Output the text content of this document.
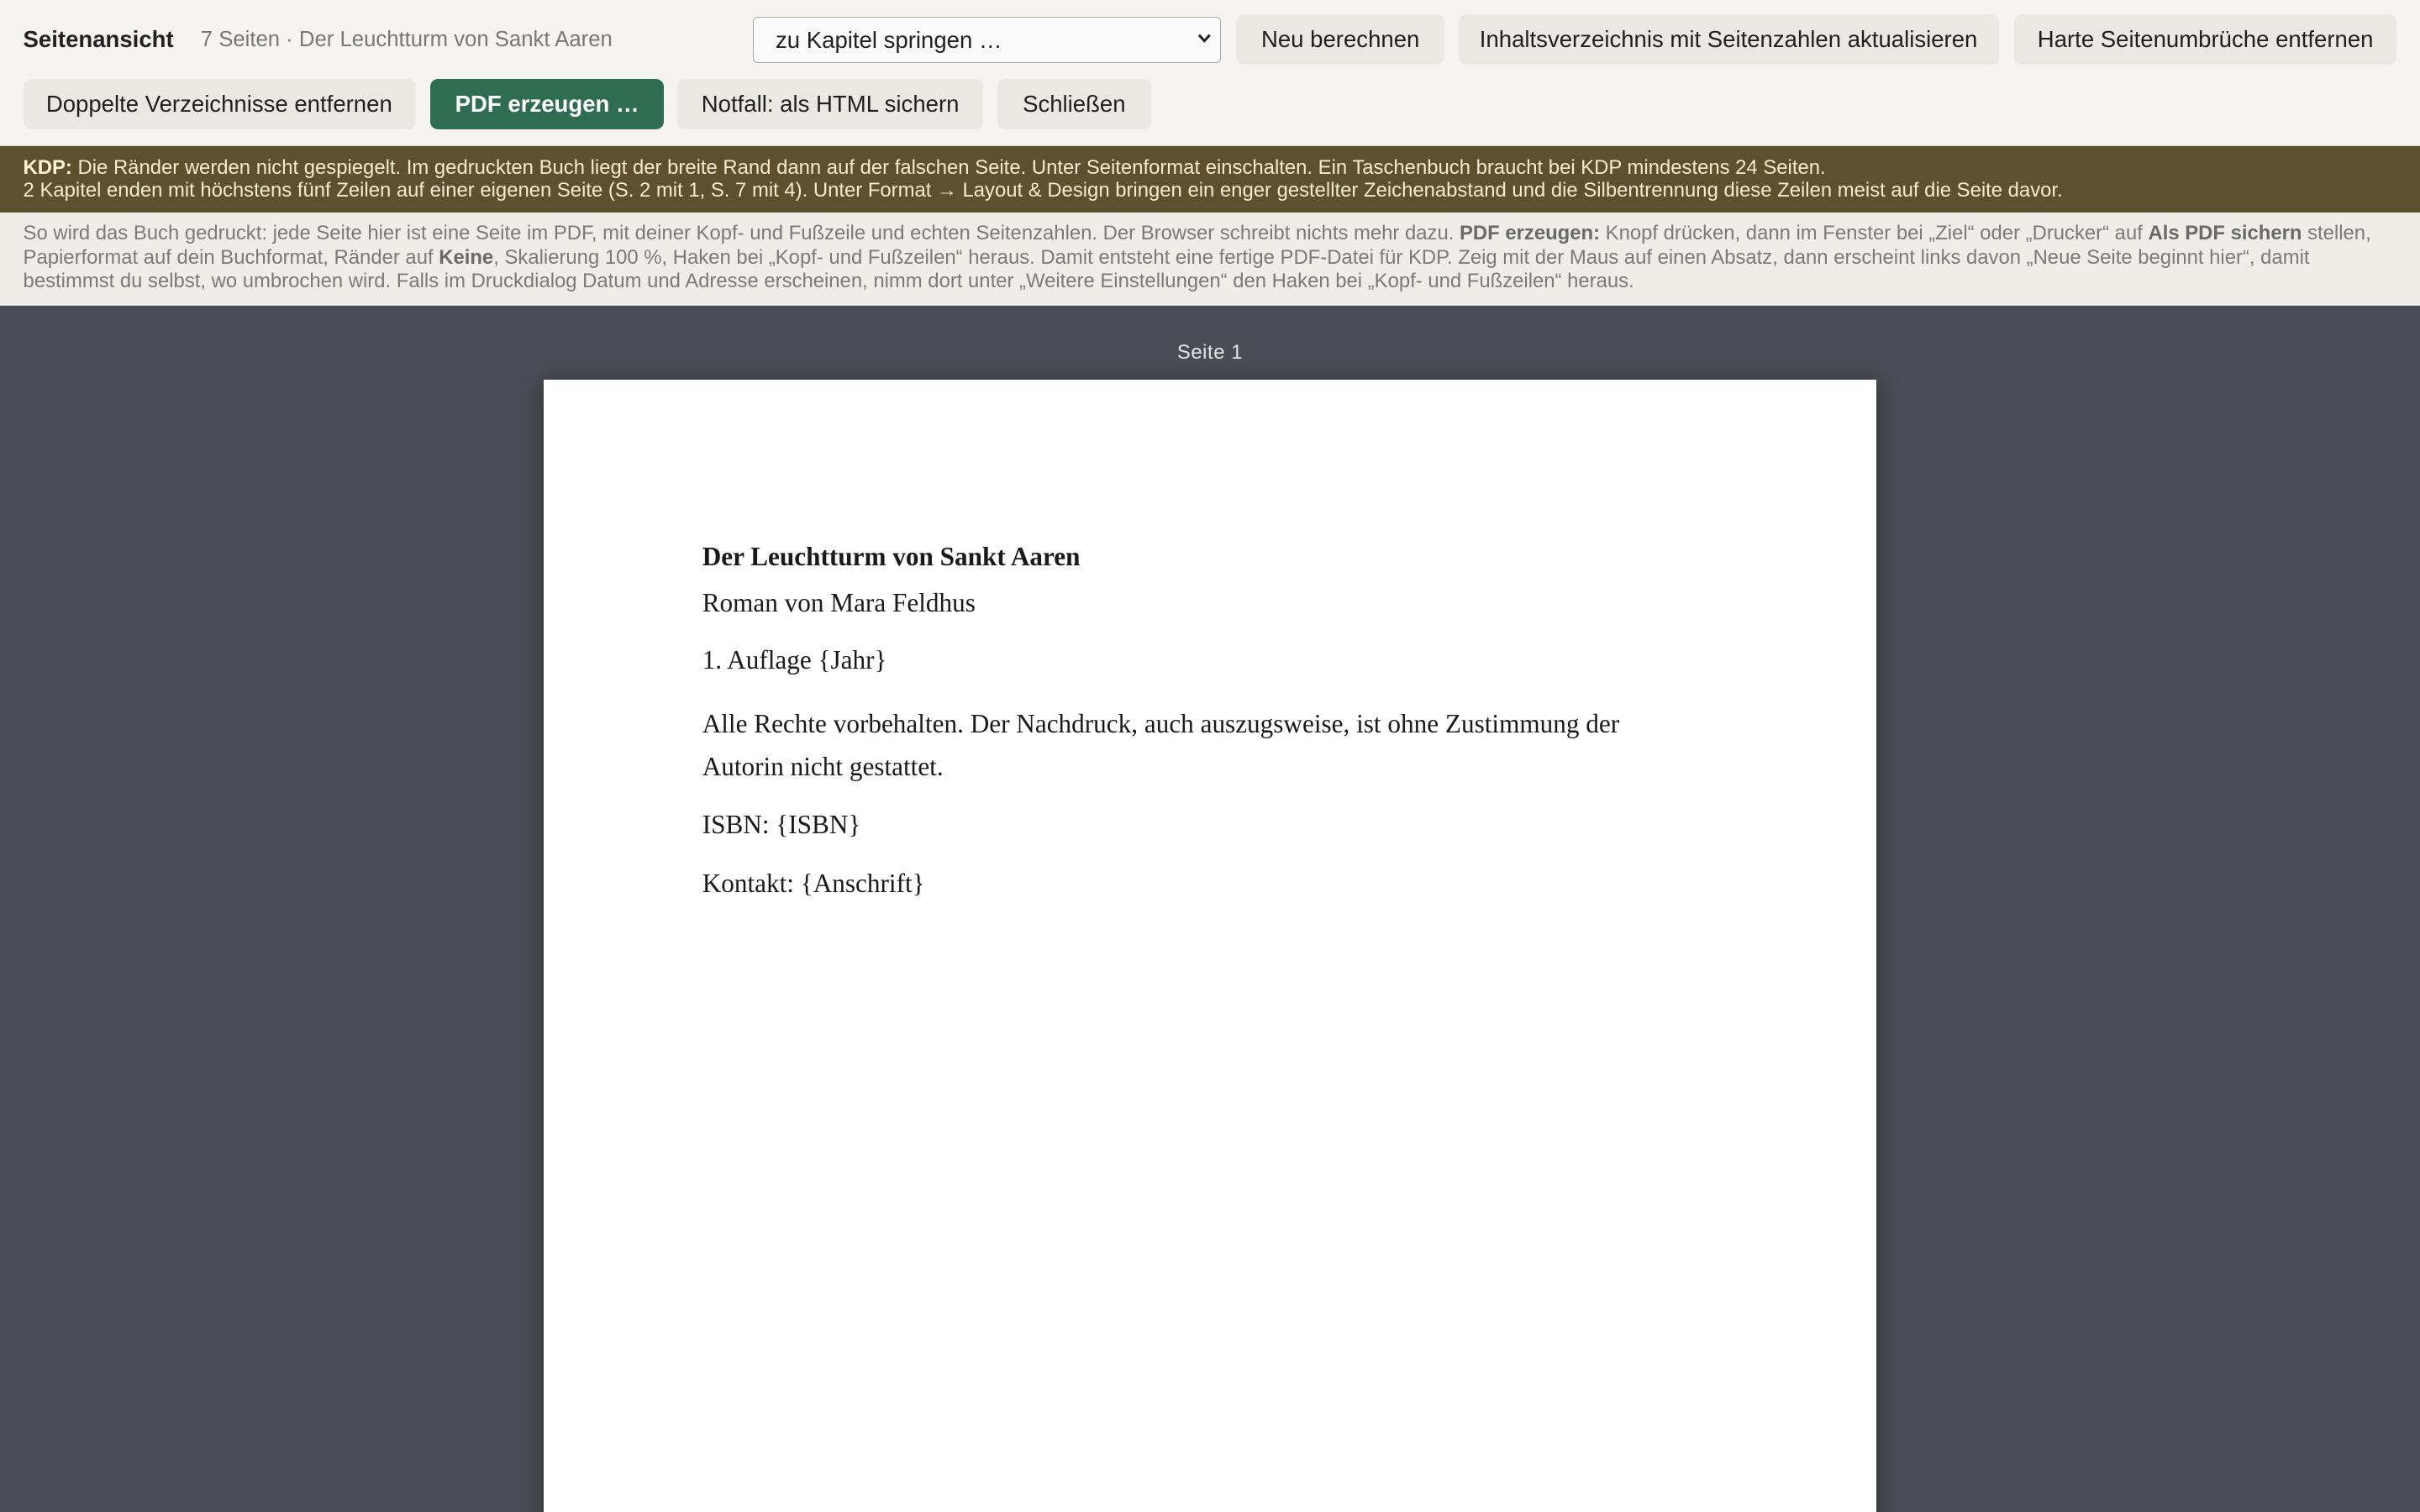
Seitenansicht 7 Seiten · Der Leuchtturm von Sankt Aaren	zu Kapitel springen …	Neu berechnen	Inhaltsverzeichnis mit Seitenzahlen aktualisieren	Harte Seitenumbrüche entfernen
Doppelte Verzeichnisse entfernen	PDF erzeugen …	Notfall: als HTML sichern	Schließen
KDP: Die Ränder werden nicht gespiegelt. Im gedruckten Buch liegt der breite Rand dann auf der falschen Seite. Unter Seitenformat einschalten. Ein Taschenbuch braucht bei KDP mindestens 24 Seiten.
2 Kapitel enden mit höchstens fünf Zeilen auf einer eigenen Seite (S. 2 mit 1, S. 7 mit 4). Unter Format → Layout & Design bringen ein enger gestellter Zeichenabstand und die Silbentrennung diese Zeilen meist auf die Seite davor.
So wird das Buch gedruckt: jede Seite hier ist eine Seite im PDF, mit deiner Kopf- und Fußzeile und echten Seitenzahlen. Der Browser schreibt nichts mehr dazu. PDF erzeugen: Knopf drücken, dann im Fenster bei „Ziel“ oder „Drucker“ auf Als PDF sichern stellen, Papierformat auf dein Buchformat, Ränder auf Keine, Skalierung 100 %, Haken bei „Kopf- und Fußzeilen“ heraus. Damit entsteht eine fertige PDF-Datei für KDP. Zeig mit der Maus auf einen Absatz, dann erscheint links davon „Neue Seite beginnt hier“, damit bestimmst du selbst, wo umbrochen wird. Falls im Druckdialog Datum und Adresse erscheinen, nimm dort unter „Weitere Einstellungen“ den Haken bei „Kopf- und Fußzeilen“ heraus.
Seite 1

Der Leuchtturm von Sankt Aaren

Roman von Mara Feldhus

1. Auflage {Jahr}

Alle Rechte vorbehalten. Der Nachdruck, auch auszugsweise, ist ohne Zustimmung der Autorin nicht gestattet.

ISBN: {ISBN}

Kontakt: {Anschrift}
